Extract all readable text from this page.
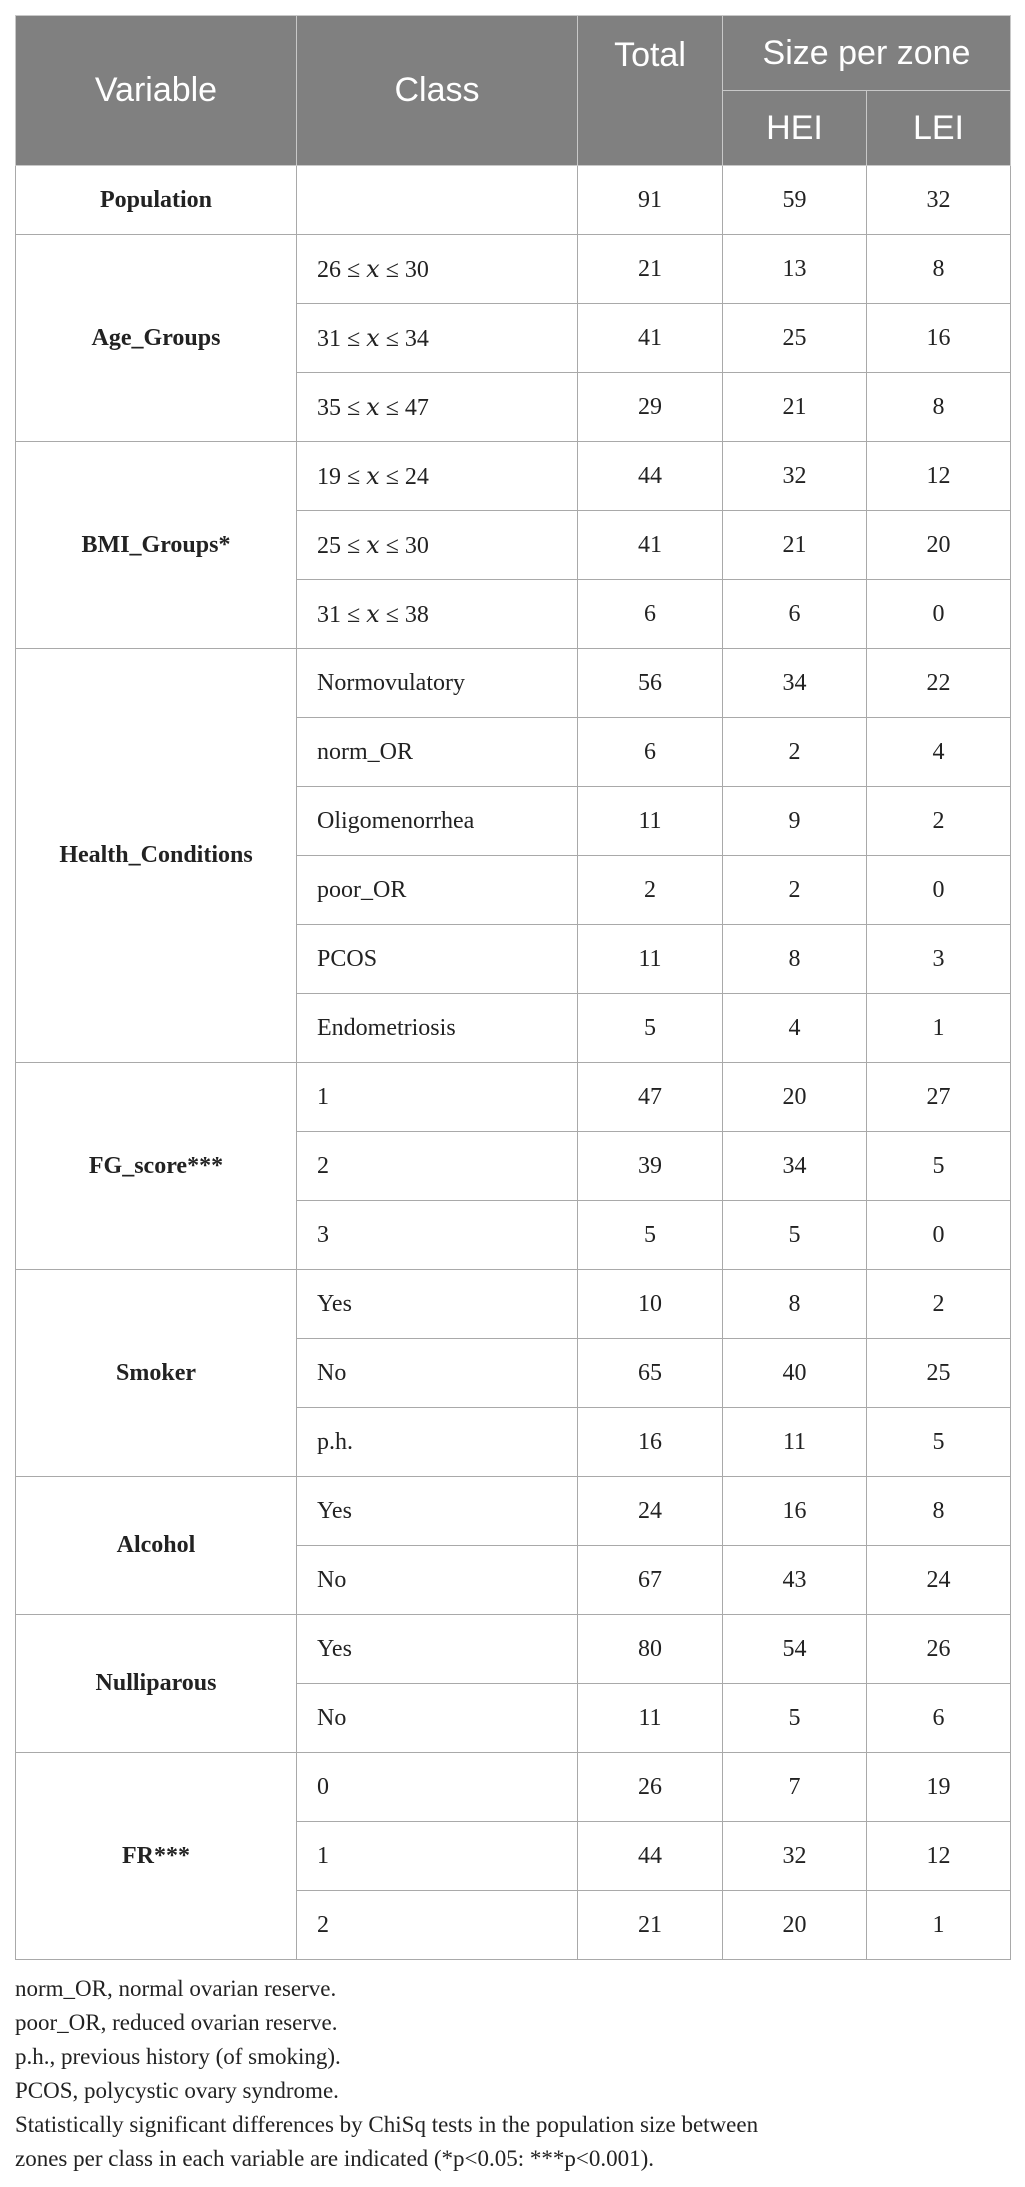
Variable	Class	Total	Size per zone	
			HEI	LEI
Population		91	59	32
Age_Groups	26 ≤ 𝑥 ≤ 30	21	13	8
	31 ≤ 𝑥 ≤ 34	41	25	16
	35 ≤ 𝑥 ≤ 47	29	21	8
BMI_Groups*	19 ≤ 𝑥 ≤ 24	44	32	12
	25 ≤ 𝑥 ≤ 30	41	21	20
	31 ≤ 𝑥 ≤ 38	6	6	0
Health_Conditions	Normovulatory	56	34	22
	norm_OR	6	2	4
	Oligomenorrhea	11	9	2
	poor_OR	2	2	0
	PCOS	11	8	3
	Endometriosis	5	4	1
FG_score***	1	47	20	27
	2	39	34	5
	3	5	5	0
Smoker	Yes	10	8	2
	No	65	40	25
	p.h.	16	11	5
Alcohol	Yes	24	16	8
	No	67	43	24
Nulliparous	Yes	80	54	26
	No	11	5	6
FR***	0	26	7	19
	1	44	32	12
	2	21	20	1
norm_OR, normal ovarian reserve.
poor_OR, reduced ovarian reserve.
p.h., previous history (of smoking).
PCOS, polycystic ovary syndrome.
Statistically significant differences by ChiSq tests in the population size between
zones per class in each variable are indicated (*p<0.05: ***p<0.001).
